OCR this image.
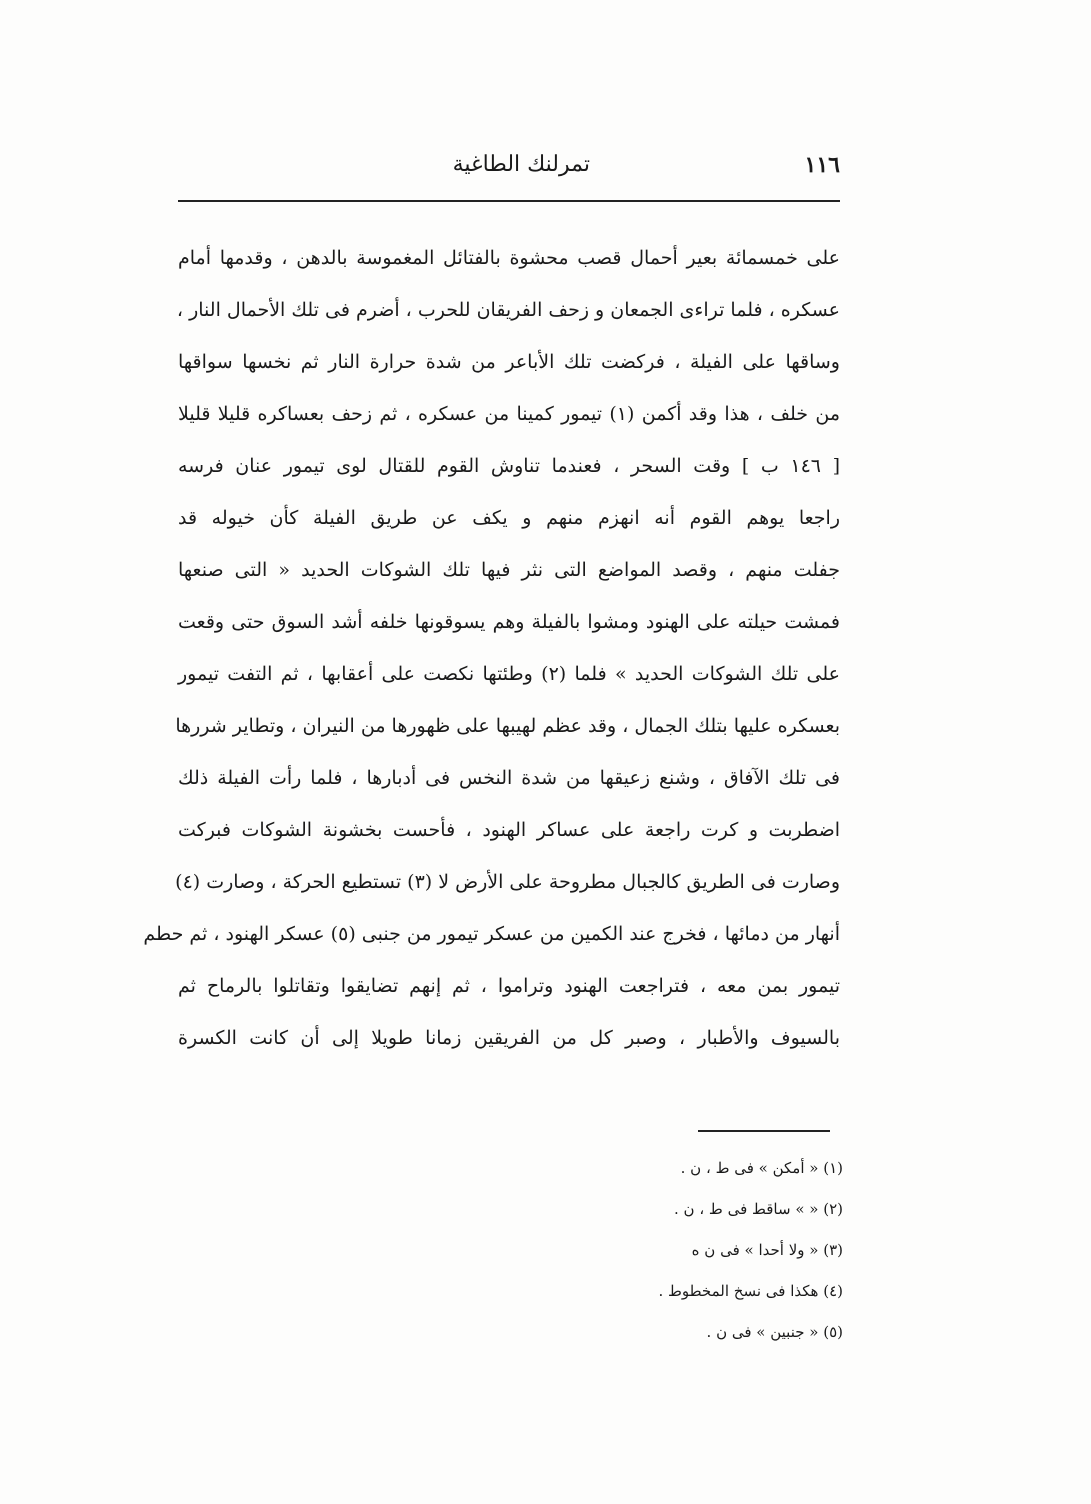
١١٦
تمرلنك الطاغية
على خمسمائة بعير أحمال قصب محشوة بالفتائل المغموسة بالدهن ، وقدمها أمام
عسكره ، فلما تراءى الجمعان و زحف الفريقان للحرب ، أضرم فى تلك الأحمال النار ،
وساقها على الفيلة ، فركضت تلك الأباعر من شدة حرارة النار ثم نخسها سواقها
من خلف ، هذا وقد أكمن (١) تيمور كمينا من عسكره ، ثم زحف بعساكره قليلا قليلا
[ ١٤٦ ب ] وقت السحر ، فعندما تناوش القوم للقتال لوى تيمور عنان فرسه
راجعا يوهم القوم أنه انهزم منهم و يكف عن طريق الفيلة كأن خيوله قد
جفلت منهم ، وقصد المواضع التى نثر فيها تلك الشوكات الحديد « التى صنعها
فمشت حيلته على الهنود ومشوا بالفيلة وهم يسوقونها خلفه أشد السوق حتى وقعت
على تلك الشوكات الحديد » فلما (٢) وطئتها نكصت على أعقابها ، ثم التفت تيمور
بعسكره عليها بتلك الجمال ، وقد عظم لهيبها على ظهورها من النيران ، وتطاير شررها
فى تلك الآفاق ، وشنع زعيقها من شدة النخس فى أدبارها ، فلما رأت الفيلة ذلك
اضطربت و كرت راجعة على عساكر الهنود ، فأحست بخشونة الشوكات فبركت
وصارت فى الطريق كالجبال مطروحة على الأرض لا (٣) تستطيع الحركة ، وصارت (٤)
أنهار من دمائها ، فخرج عند الكمين من عسكر تيمور من جنبى (٥) عسكر الهنود ، ثم حطم
تيمور بمن معه ، فتراجعت الهنود وتراموا ، ثم إنهم تضايقوا وتقاتلوا بالرماح ثم
بالسيوف والأطبار ، وصبر كل من الفريقين زمانا طويلا إلى أن كانت الكسرة
(١) « أمكن » فى ط ، ن .
(٢) « » ساقط فى ط ، ن .
(٣) « ولا أحدا » فى ن ه
(٤) هكذا فى نسخ المخطوط .
(٥) « جنبين » فى ن .
